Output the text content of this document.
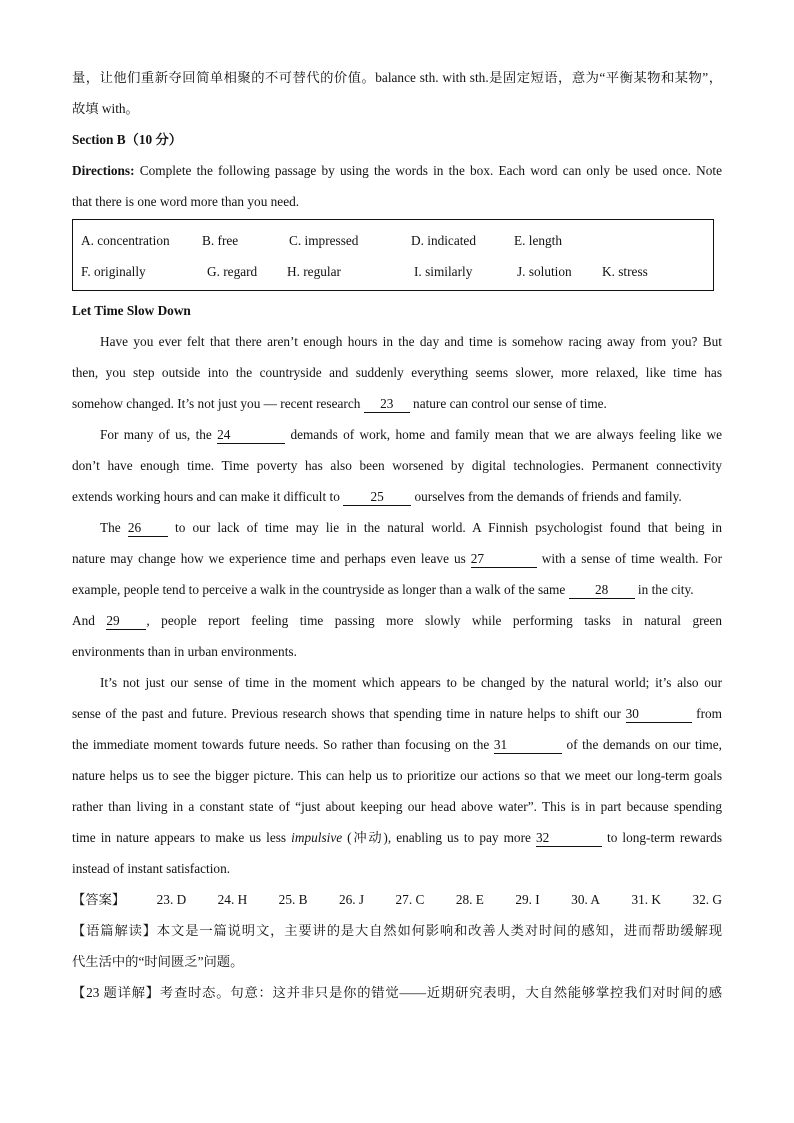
量，让他们重新夺回简单相聚的不可替代的价值。balance sth. with sth.是固定短语，意为“平衡某物和某物”，
故填 with。
Section B（10 分）
Directions: Complete the following passage by using the words in the box. Each word can only be used once. Note
that there is one word more than you need.
A. concentration B. free	C. impressed	D. indicated	E. length
F. originally	G. regard H. regular	I. similarly	J. solution K. stress
Let Time Slow Down
Have you ever felt that there aren’t enough hours in the day and time is somehow racing away from you? But
then, you step outside into the countryside and suddenly everything seems slower, more relaxed, like time has
somehow changed. It’s not just you — recent research 23 nature can control our sense of time.
For many of us, the 24	demands of work, home and family mean that we are always feeling like we
don’t have enough time. Time poverty has also been worsened by digital technologies. Permanent connectivity
extends working hours and can make it difficult to 25 ourselves from the demands of friends and family.
The 26 to our lack of time may lie in the natural world. A Finnish psychologist found that being in
nature may change how we experience time and perhaps even leave us 27	with a sense of time wealth. For
example, people tend to perceive a walk in the countryside as longer than a walk of the same 28 in the city.
And 29 , people report feeling time passing more slowly while performing tasks in natural green
environments than in urban environments.
It’s not just our sense of time in the moment which appears to be changed by the natural world; it’s also our
sense of the past and future. Previous research shows that spending time in nature helps to shift our 30	from
the immediate moment towards future needs. So rather than focusing on the 31	of the demands on our time,
nature helps us to see the bigger picture. This can help us to prioritize our actions so that we meet our long-term goals
rather than living in a constant state of “just about keeping our head above water”. This is in part because spending
time in nature appears to make us less impulsive (冲动), enabling us to pay more 32	to long-term rewards
instead of instant satisfaction.
【答案】 23. D 24. H 25. B 26. J 27. C 28. E 29. I 30. A 31. K 32. G
【语篇解读】本文是一篇说明文，主要讲的是大自然如何影响和改善人类对时间的感知，进而帮助缓解现
代生活中的“时间匮乏”问题。
【23 题详解】考查时态。句意：这并非只是你的错觉——近期研究表明，大自然能够掌控我们对时间的感
